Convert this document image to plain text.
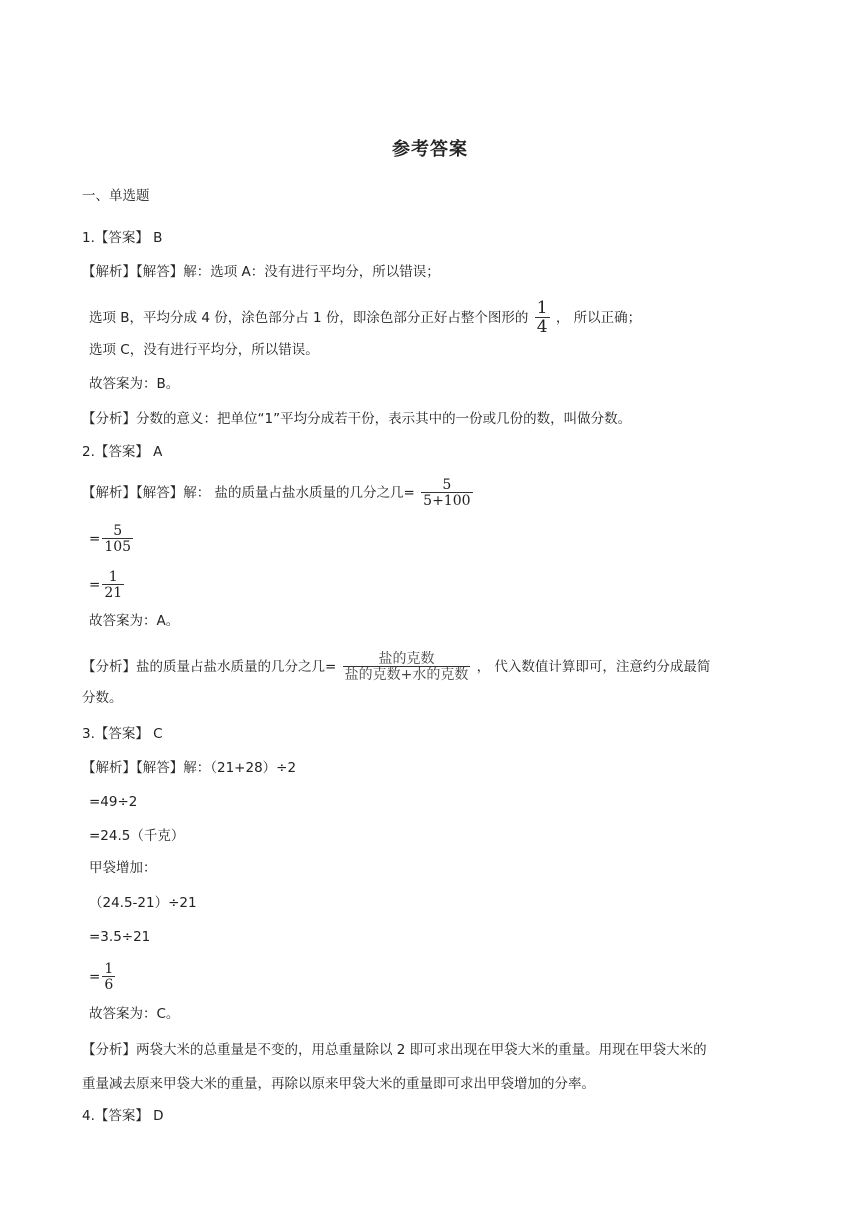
参考答案
一、单选题
1.【答案】 B
【解析】【解答】解：选项 A：没有进行平均分，所以错误；
选项 B，平均分成 4 份，涂色部分占 1 份，即涂色部分正好占整个图形的 $\frac{1}{4}$ ， 所以正确；
选项 C，没有进行平均分，所以错误。
故答案为：B。
【分析】分数的意义：把单位“1”平均分成若干份，表示其中的一份或几份的数，叫做分数。
2.【答案】 A
【解析】【解答】解： 盐的质量占盐水质量的几分之几= $\frac{5}{5+100}$
= $\frac{5}{105}$
= $\frac{1}{21}$
故答案为：A。
【分析】盐的质量占盐水质量的几分之几= $\frac{\text{盐的克数}}{\text{盐的克数+水的克数}}$ ， 代入数值计算即可，注意约分成最简
分数。
3.【答案】 C
【解析】【解答】解：（21+28）÷2
=49÷2
=24.5（千克）
甲袋增加：
（24.5-21）÷21
=3.5÷21
= $\frac{1}{6}$
故答案为：C。
【分析】两袋大米的总重量是不变的，用总重量除以 2 即可求出现在甲袋大米的重量。用现在甲袋大米的
重量减去原来甲袋大米的重量，再除以原来甲袋大米的重量即可求出甲袋增加的分率。
4.【答案】 D
